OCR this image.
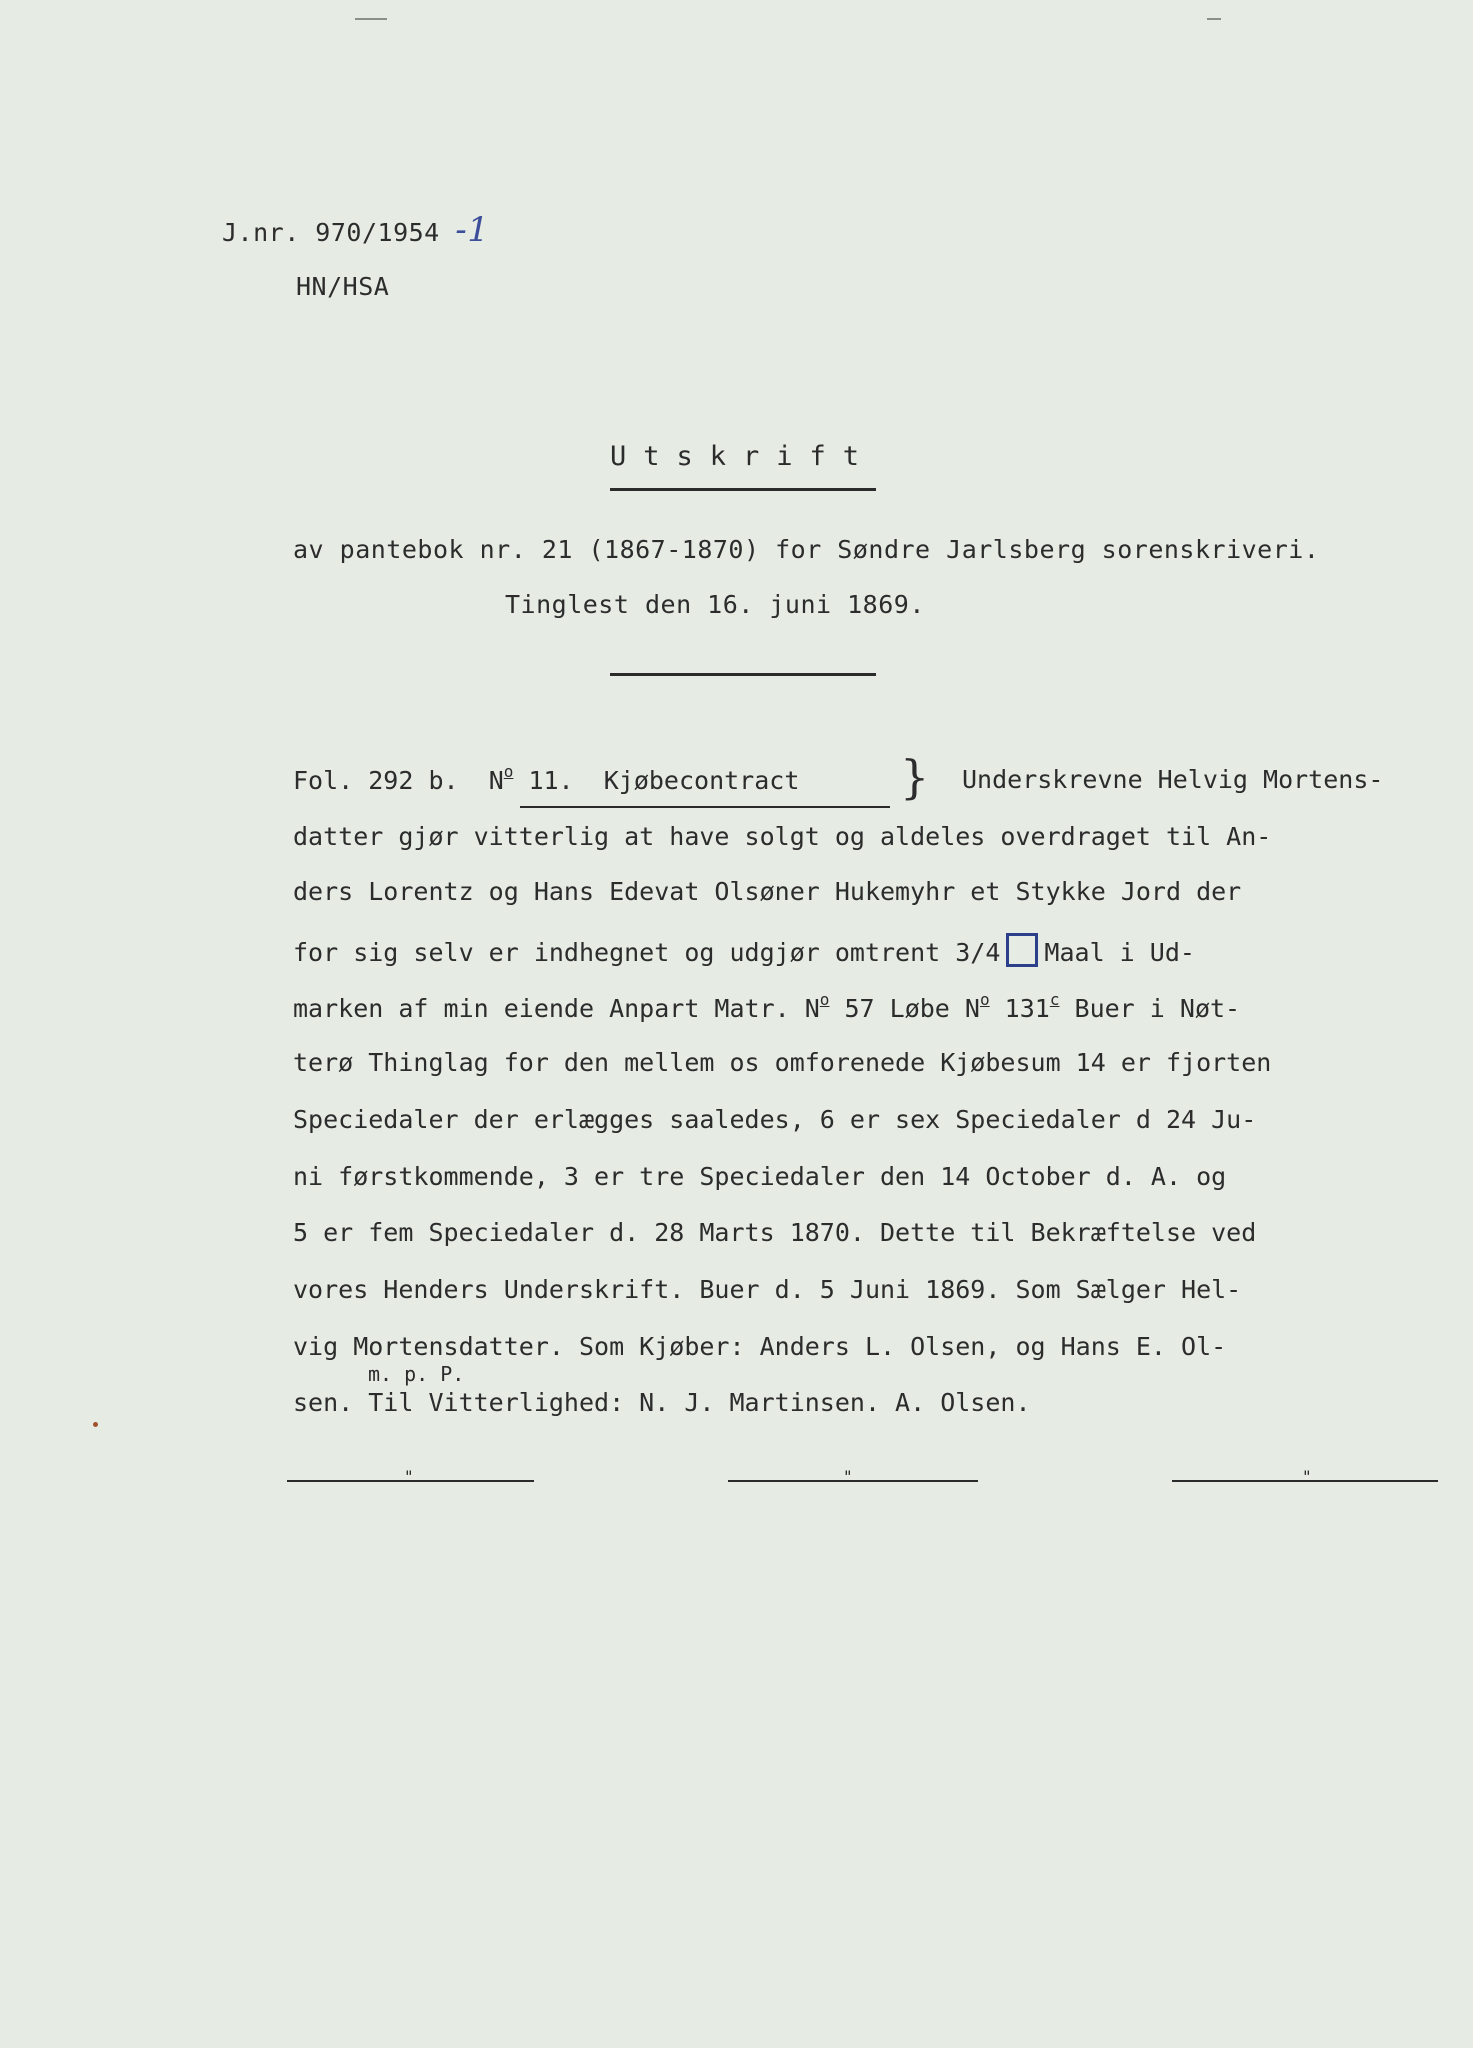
J.nr. 970/1954 -1
HN/HSA
Utskrift
av pantebok nr. 21 (1867-1870) for Søndre Jarlsberg sorenskriveri.
Tinglest den 16. juni 1869.
Fol. 292 b. $N^o$ 11. Kjøbecontract } Underskrevne Helvig Mortens-
datter gjør vitterlig at have solgt og aldeles overdraget til An-
ders Lorentz og Hans Edevat Olsøner Hukemyhr et Stykke Jord der
for sig selv er indhegnet og udgjør omtrent 3/4 Maal i Ud-
marken af min eiende Anpart Matr. $N^o$ 57 Løbe $N^o$ 131$^c$ Buer i Nøt-
terø Thinglag for den mellem os omforenede Kjøbesum 14 er fjorten
Speciedaler der erlægges saaledes, 6 er sex Speciedaler d 24 Ju-
ni førstkommende, 3 er tre Speciedaler den 14 October d. A. og
5 er fem Speciedaler d. 28 Marts 1870. Dette til Bekræftelse ved
vores Henders Underskrift. Buer d. 5 Juni 1869. Som Sælger Hel-
vig Mortensdatter. Som Kjøber: Anders L. Olsen, og Hans E. Ol-
m. p. P.
sen. Til Vitterlighed: N. J. Martinsen. A. Olsen.
"	"	"
